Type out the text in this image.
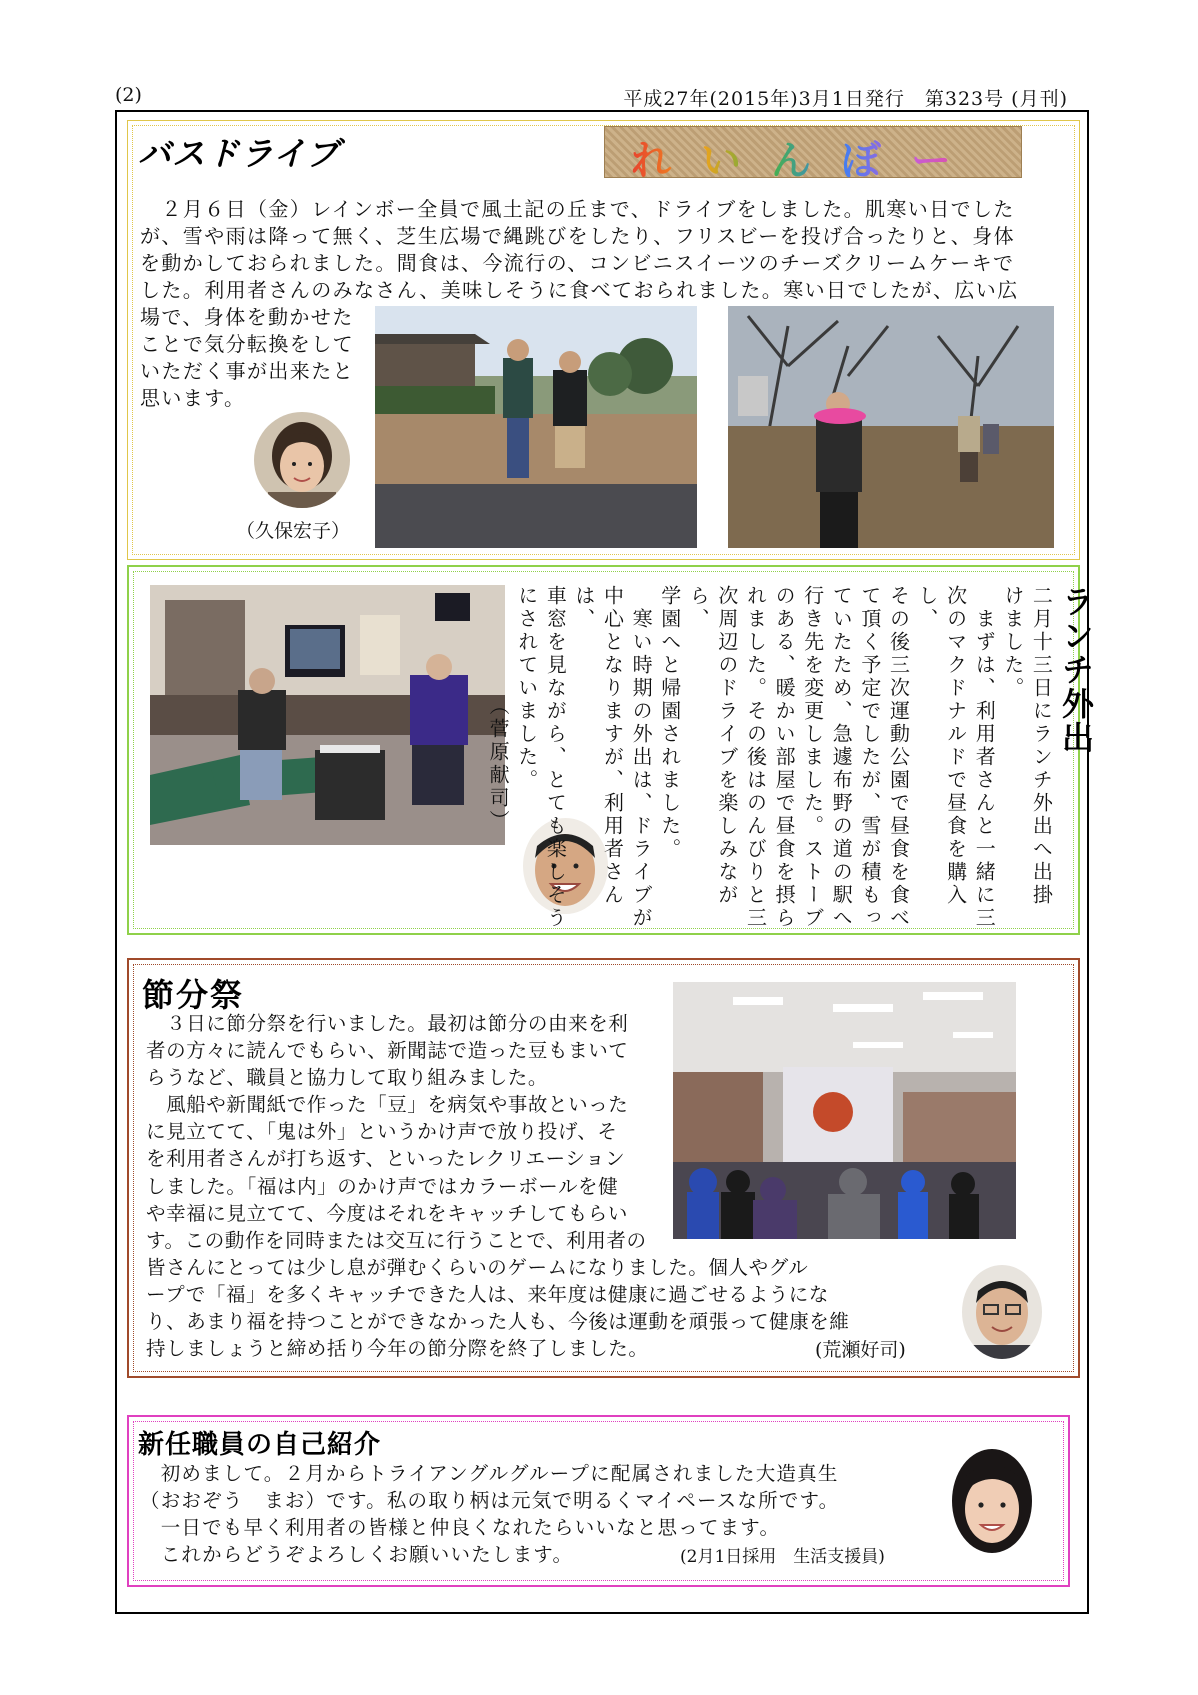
(2)	平成27年(2015年)3月1日発行　第323号 (月刊)
バスドライブ	れいんぼー
　２月６日（金）レインボー全員で風土記の丘まで、ドライブをしました。肌寒い日でした
が、雪や雨は降って無く、芝生広場で縄跳びをしたり、フリスビーを投げ合ったりと、身体
を動かしておられました。間食は、今流行の、コンビニスイーツのチーズクリームケーキで
した。利用者さんのみなさん、美味しそうに食べておられました。寒い日でしたが、広い広
場で、身体を動かせた
ことで気分転換をして
いただく事が出来たと
思います。
（久保宏子）
ランチ外出
二月十三日にランチ外出へ出掛
けました。
　まずは、利用者さんと一緒に三
次のマクドナルドで昼食を購入し、
その後三次運動公園で昼食を食べ
て頂く予定でしたが、雪が積もっ
ていたため、急遽布野の道の駅へ
行き先を変更しました。ストーブ
のある、暖かい部屋で昼食を摂ら
れました。その後はのんびりと三
次周辺のドライブを楽しみながら、
学園へと帰園されました。
　寒い時期の外出は、ドライブが
中心となりますが、利用者さんは、
車窓を見ながら、とても楽しそう
にされていました。
（菅原献司）
節分祭
　３日に節分祭を行いました。最初は節分の由来を利
者の方々に読んでもらい、新聞誌で造った豆もまいて
らうなど、職員と協力して取り組みました。
　風船や新聞紙で作った「豆」を病気や事故といった
に見立てて、「鬼は外」というかけ声で放り投げ、そ
を利用者さんが打ち返す、といったレクリエーション
しました。「福は内」のかけ声ではカラーボールを健
や幸福に見立てて、今度はそれをキャッチしてもらい
す。この動作を同時または交互に行うことで、利用者の
皆さんにとっては少し息が弾むくらいのゲームになりました。個人やグル
ープで「福」を多くキャッチできた人は、来年度は健康に過ごせるようにな
り、あまり福を持つことができなかった人も、今後は運動を頑張って健康を維
持しましょうと締め括り今年の節分際を終了しました。	(荒瀬好司)
新任職員の自己紹介
　初めまして。２月からトライアングルグループに配属されました大造真生
（おおぞう　まお）です。私の取り柄は元気で明るくマイペースな所です。
　一日でも早く利用者の皆様と仲良くなれたらいいなと思ってます。
　これからどうぞよろしくお願いいたします。	(2月1日採用　生活支援員)
